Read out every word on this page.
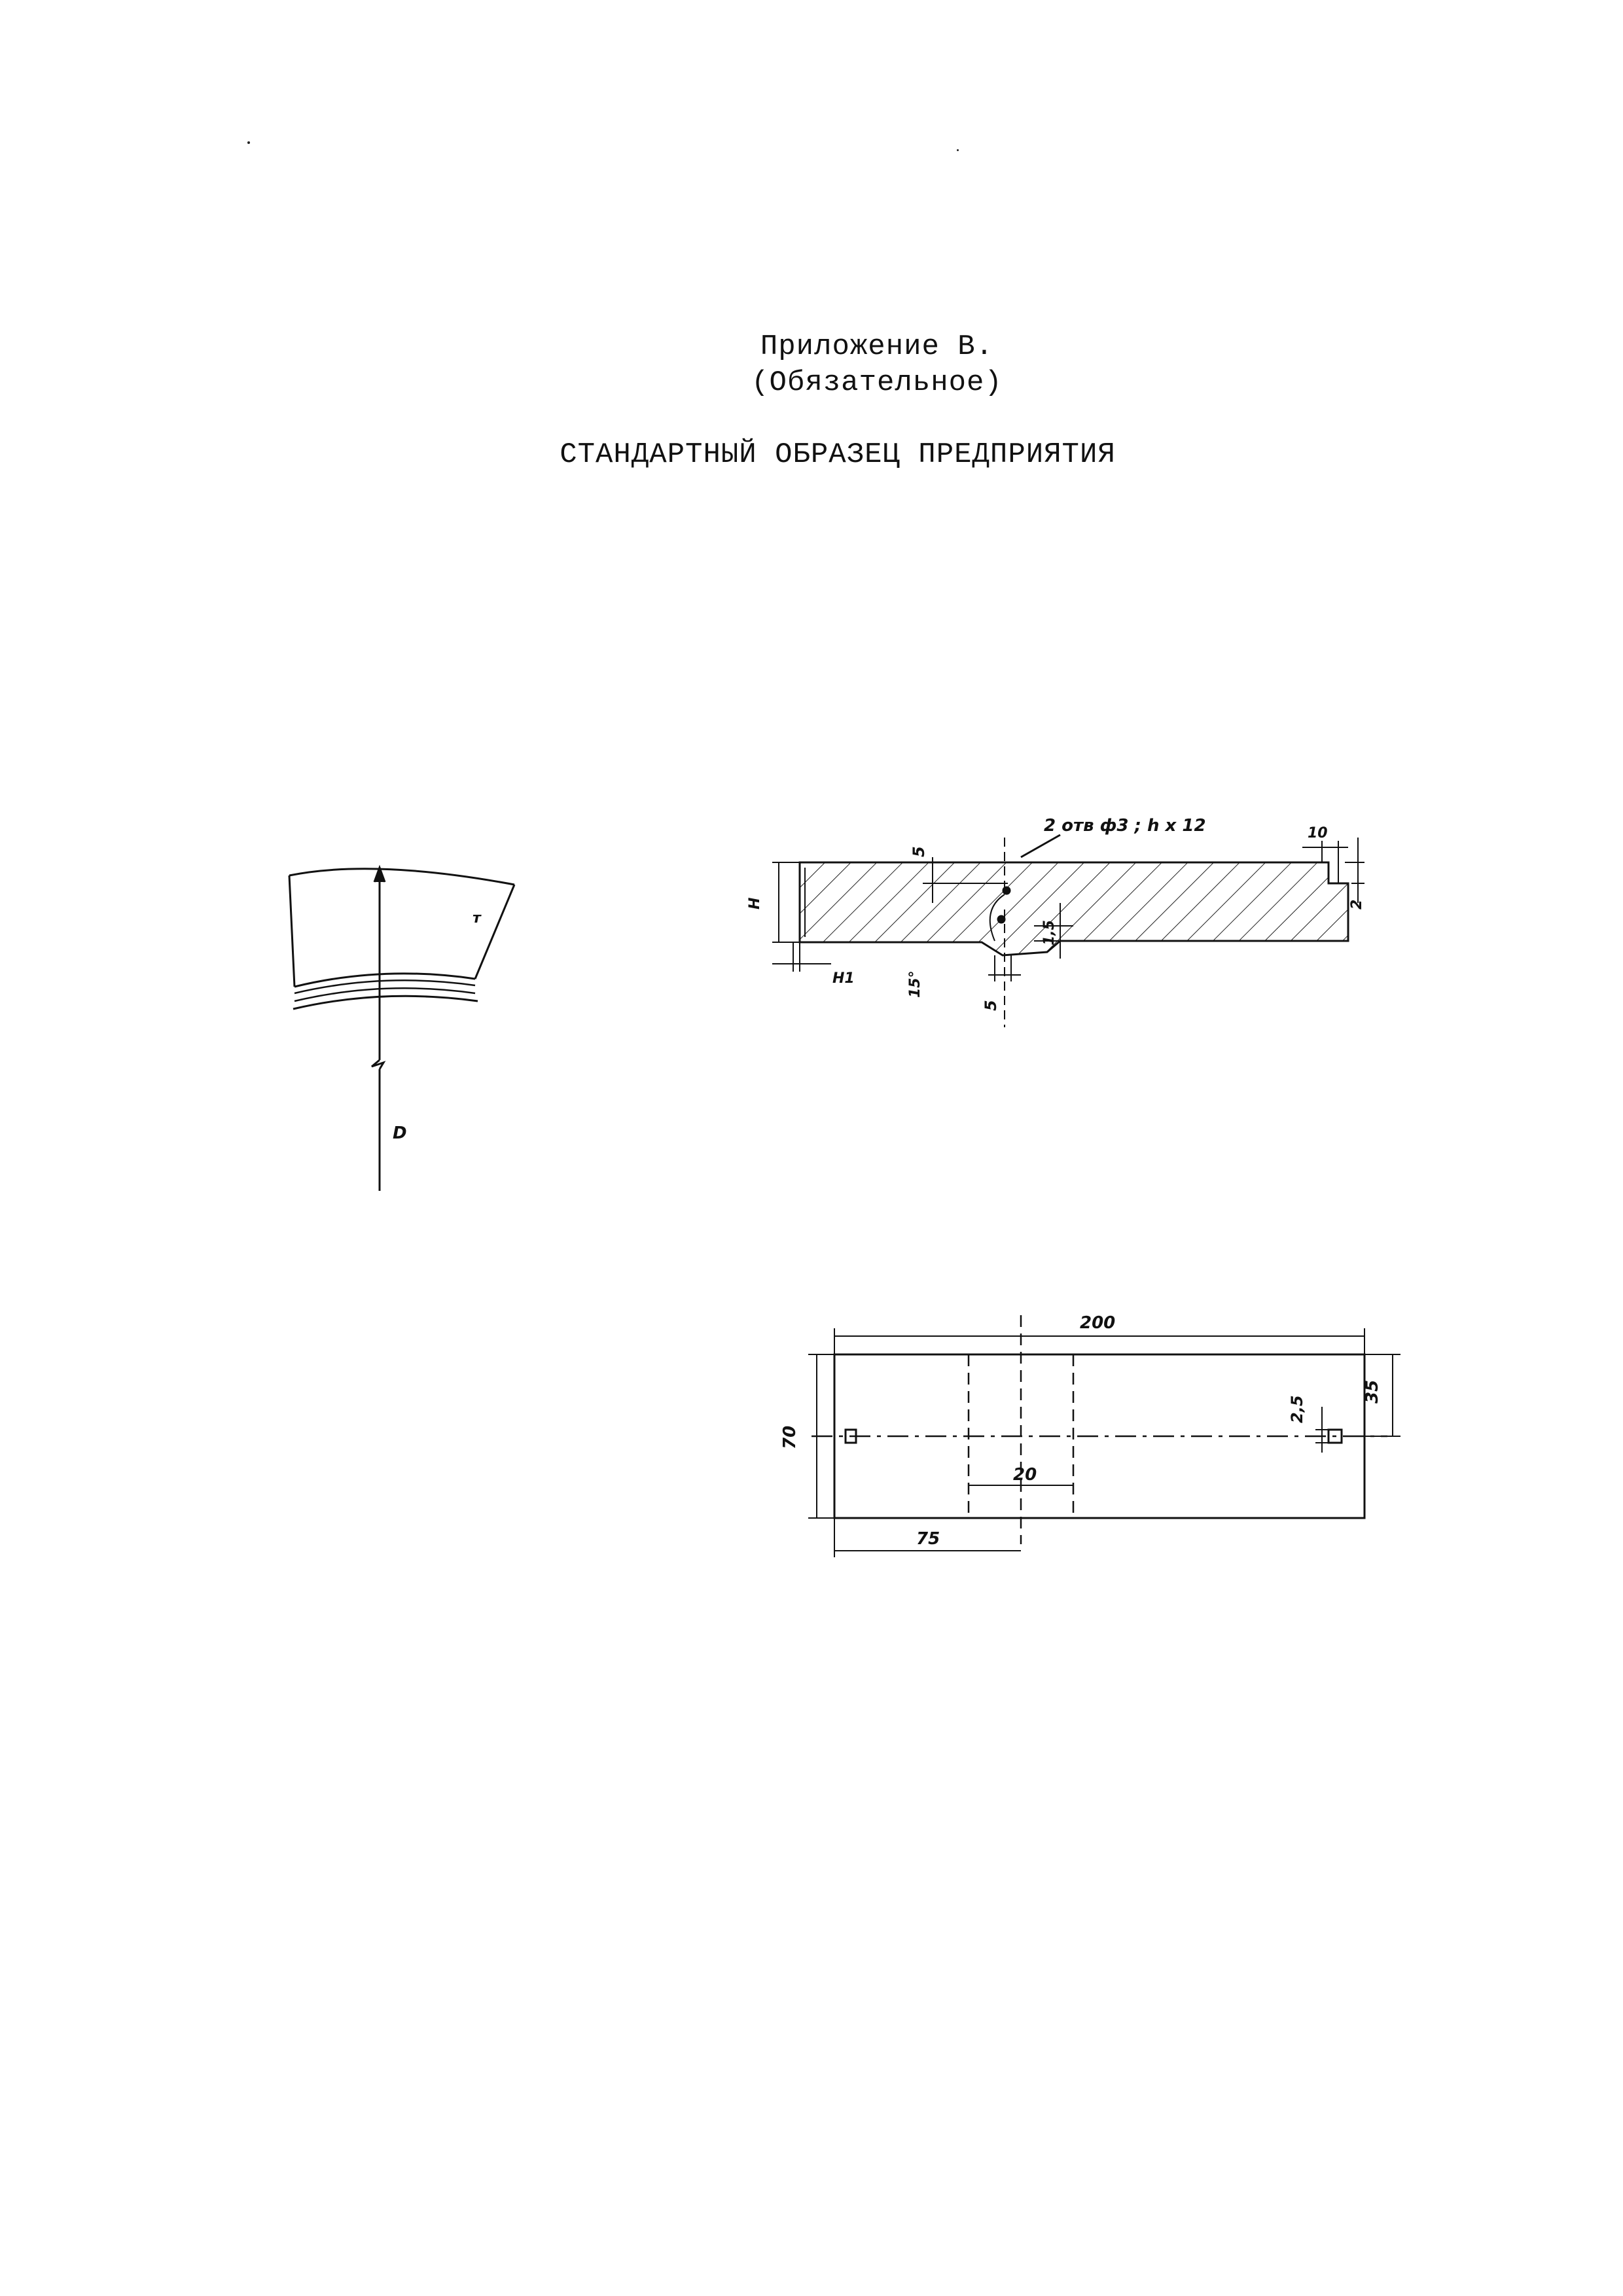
Приложение В.
(Обязательное)
СТАНДАРТНЫЙ ОБРАЗЕЦ ПРЕДПРИЯТИЯ
т
D
2 отв ф3 ; h x 12
5
10
2
H
H1	15°
1,5
5
200
70
35
2,5
20
75
